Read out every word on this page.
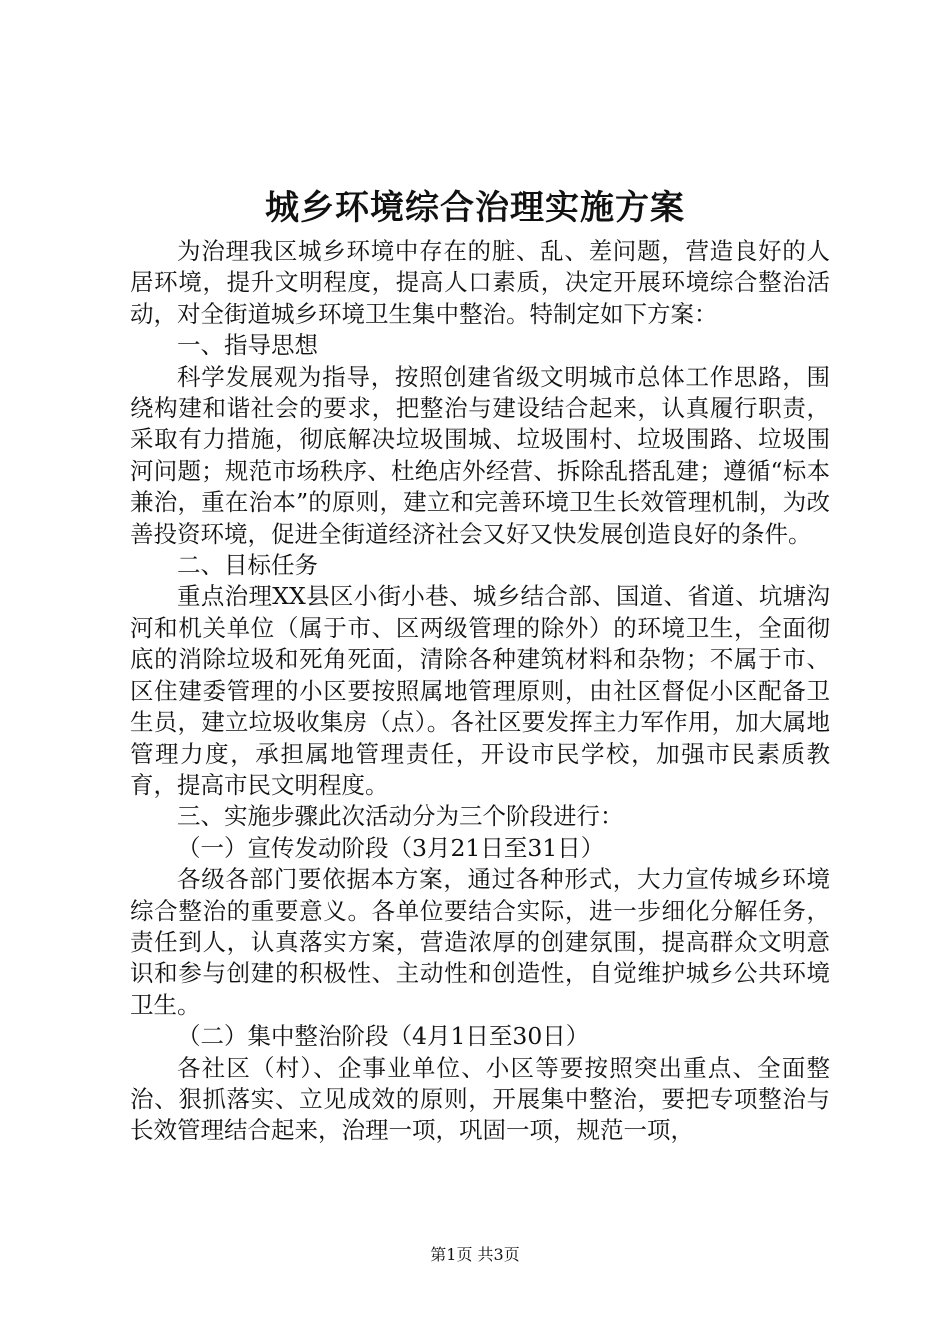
城乡环境综合治理实施方案

为治理我区城乡环境中存在的脏、乱、差问题，营造良好的人居环境，提升文明程度，提高人口素质，决定开展环境综合整治活动，对全街道城乡环境卫生集中整治。特制定如下方案：

一、指导思想

科学发展观为指导，按照创建省级文明城市总体工作思路，围绕构建和谐社会的要求，把整治与建设结合起来，认真履行职责，采取有力措施，彻底解决垃圾围城、垃圾围村、垃圾围路、垃圾围河问题；规范市场秩序、杜绝店外经营、拆除乱搭乱建；遵循“标本兼治，重在治本”的原则，建立和完善环境卫生长效管理机制，为改善投资环境，促进全街道经济社会又好又快发展创造良好的条件。

二、目标任务

重点治理XX县区小街小巷、城乡结合部、国道、省道、坑塘沟河和机关单位（属于市、区两级管理的除外）的环境卫生，全面彻底的消除垃圾和死角死面，清除各种建筑材料和杂物；不属于市、区住建委管理的小区要按照属地管理原则，由社区督促小区配备卫生员，建立垃圾收集房（点）。各社区要发挥主力军作用，加大属地管理力度，承担属地管理责任，开设市民学校，加强市民素质教育，提高市民文明程度。

三、实施步骤此次活动分为三个阶段进行：

（一）宣传发动阶段（3月21日至31日）

各级各部门要依据本方案，通过各种形式，大力宣传城乡环境综合整治的重要意义。各单位要结合实际，进一步细化分解任务，责任到人，认真落实方案，营造浓厚的创建氛围，提高群众文明意识和参与创建的积极性、主动性和创造性，自觉维护城乡公共环境卫生。

（二）集中整治阶段（4月1日至30日）

各社区（村）、企事业单位、小区等要按照突出重点、全面整治、狠抓落实、立见成效的原则，开展集中整治，要把专项整治与长效管理结合起来，治理一项，巩固一项，规范一项，

第1页 共3页
